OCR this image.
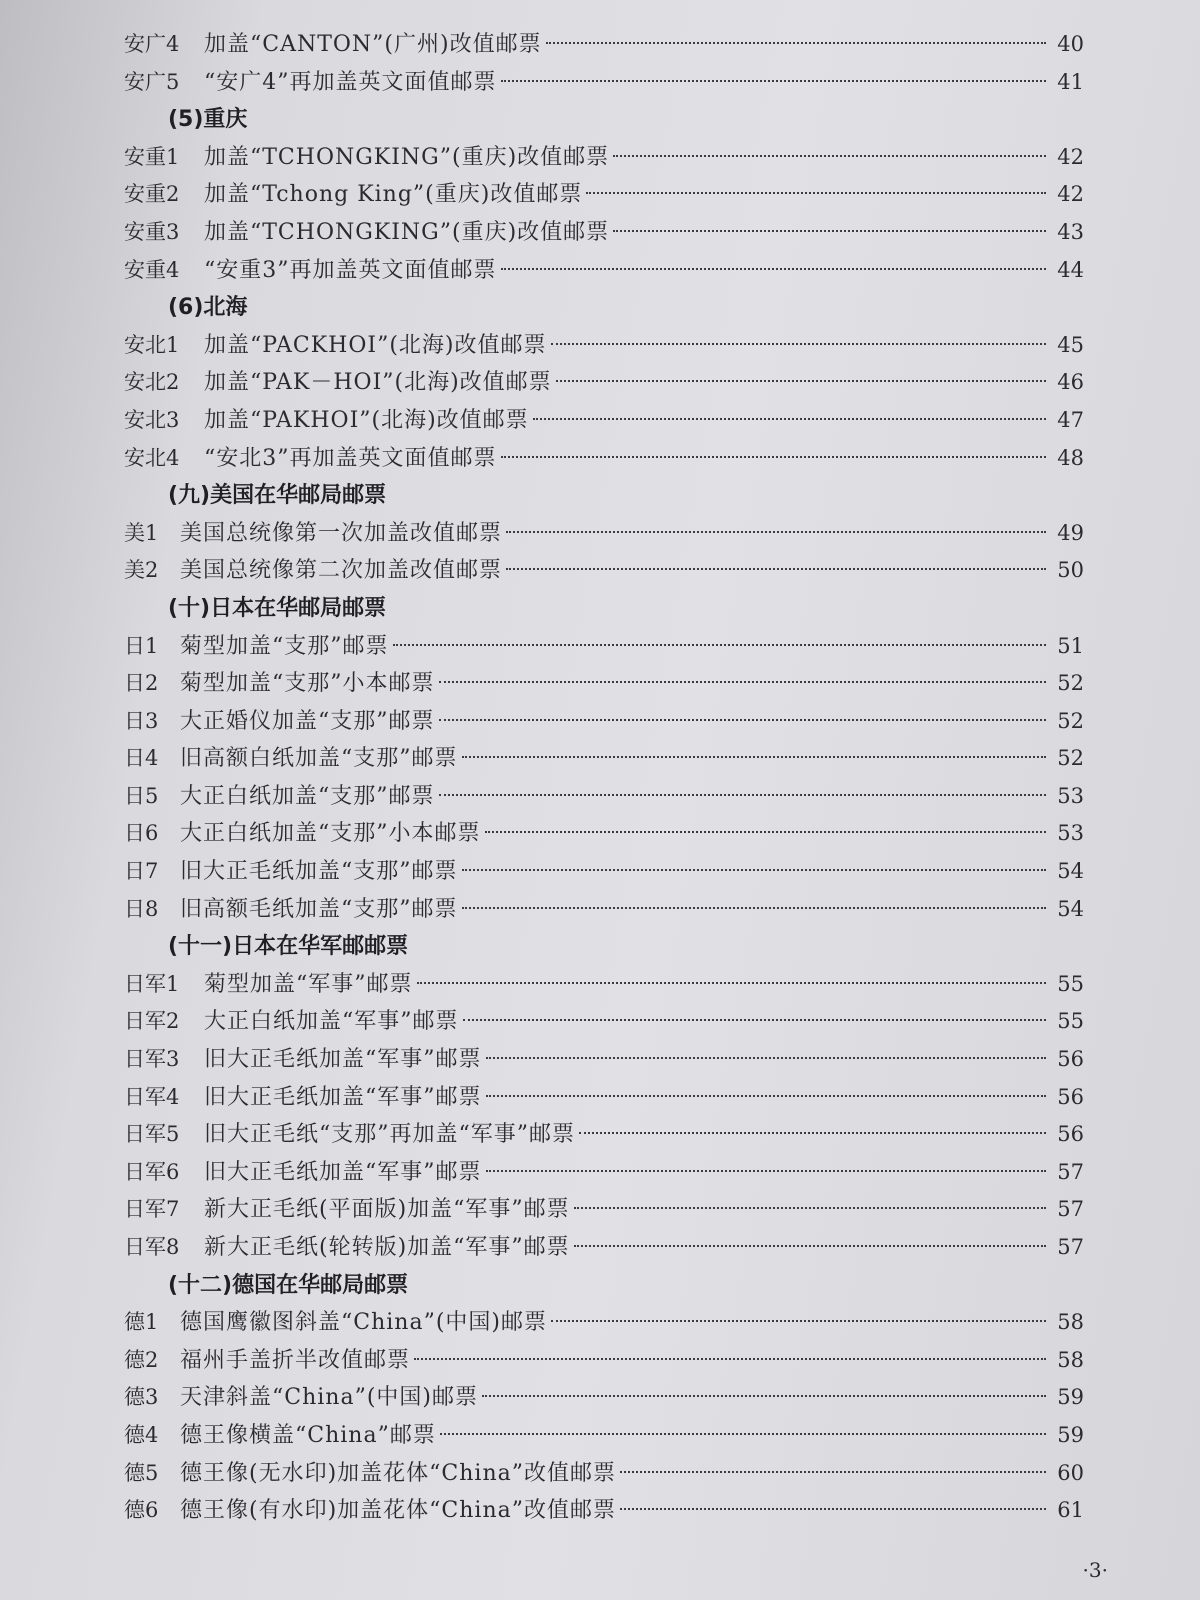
安广4	加盖“CANTON”(广州)改值邮票	40
安广5	“安广4”再加盖英文面值邮票	41
(5)重庆
安重1	加盖“TCHONGKING”(重庆)改值邮票	42
安重2	加盖“Tchong King”(重庆)改值邮票	42
安重3	加盖“TCHONGKING”(重庆)改值邮票	43
安重4	“安重3”再加盖英文面值邮票	44
(6)北海
安北1	加盖“PACKHOI”(北海)改值邮票	45
安北2	加盖“PAK－HOI”(北海)改值邮票	46
安北3	加盖“PAKHOI”(北海)改值邮票	47
安北4	“安北3”再加盖英文面值邮票	48
(九)美国在华邮局邮票
美1 美国总统像第一次加盖改值邮票	49
美2 美国总统像第二次加盖改值邮票	50
(十)日本在华邮局邮票
日1 菊型加盖“支那”邮票	51
日2 菊型加盖“支那”小本邮票	52
日3 大正婚仪加盖“支那”邮票	52
日4 旧高额白纸加盖“支那”邮票	52
日5 大正白纸加盖“支那”邮票	53
日6 大正白纸加盖“支那”小本邮票	53
日7 旧大正毛纸加盖“支那”邮票	54
日8 旧高额毛纸加盖“支那”邮票	54
(十一)日本在华军邮邮票
日军1	菊型加盖“军事”邮票	55
日军2	大正白纸加盖“军事”邮票	55
日军3	旧大正毛纸加盖“军事”邮票	56
日军4	旧大正毛纸加盖“军事”邮票	56
日军5	旧大正毛纸“支那”再加盖“军事”邮票	56
日军6	旧大正毛纸加盖“军事”邮票	57
日军7	新大正毛纸(平面版)加盖“军事”邮票	57
日军8	新大正毛纸(轮转版)加盖“军事”邮票	57
(十二)德国在华邮局邮票
德1 德国鹰徽图斜盖“China”(中国)邮票	58
德2 福州手盖折半改值邮票	58
德3 天津斜盖“China”(中国)邮票	59
德4 德王像横盖“China”邮票	59
德5 德王像(无水印)加盖花体“China”改值邮票	60
德6 德王像(有水印)加盖花体“China”改值邮票	61
·3·
